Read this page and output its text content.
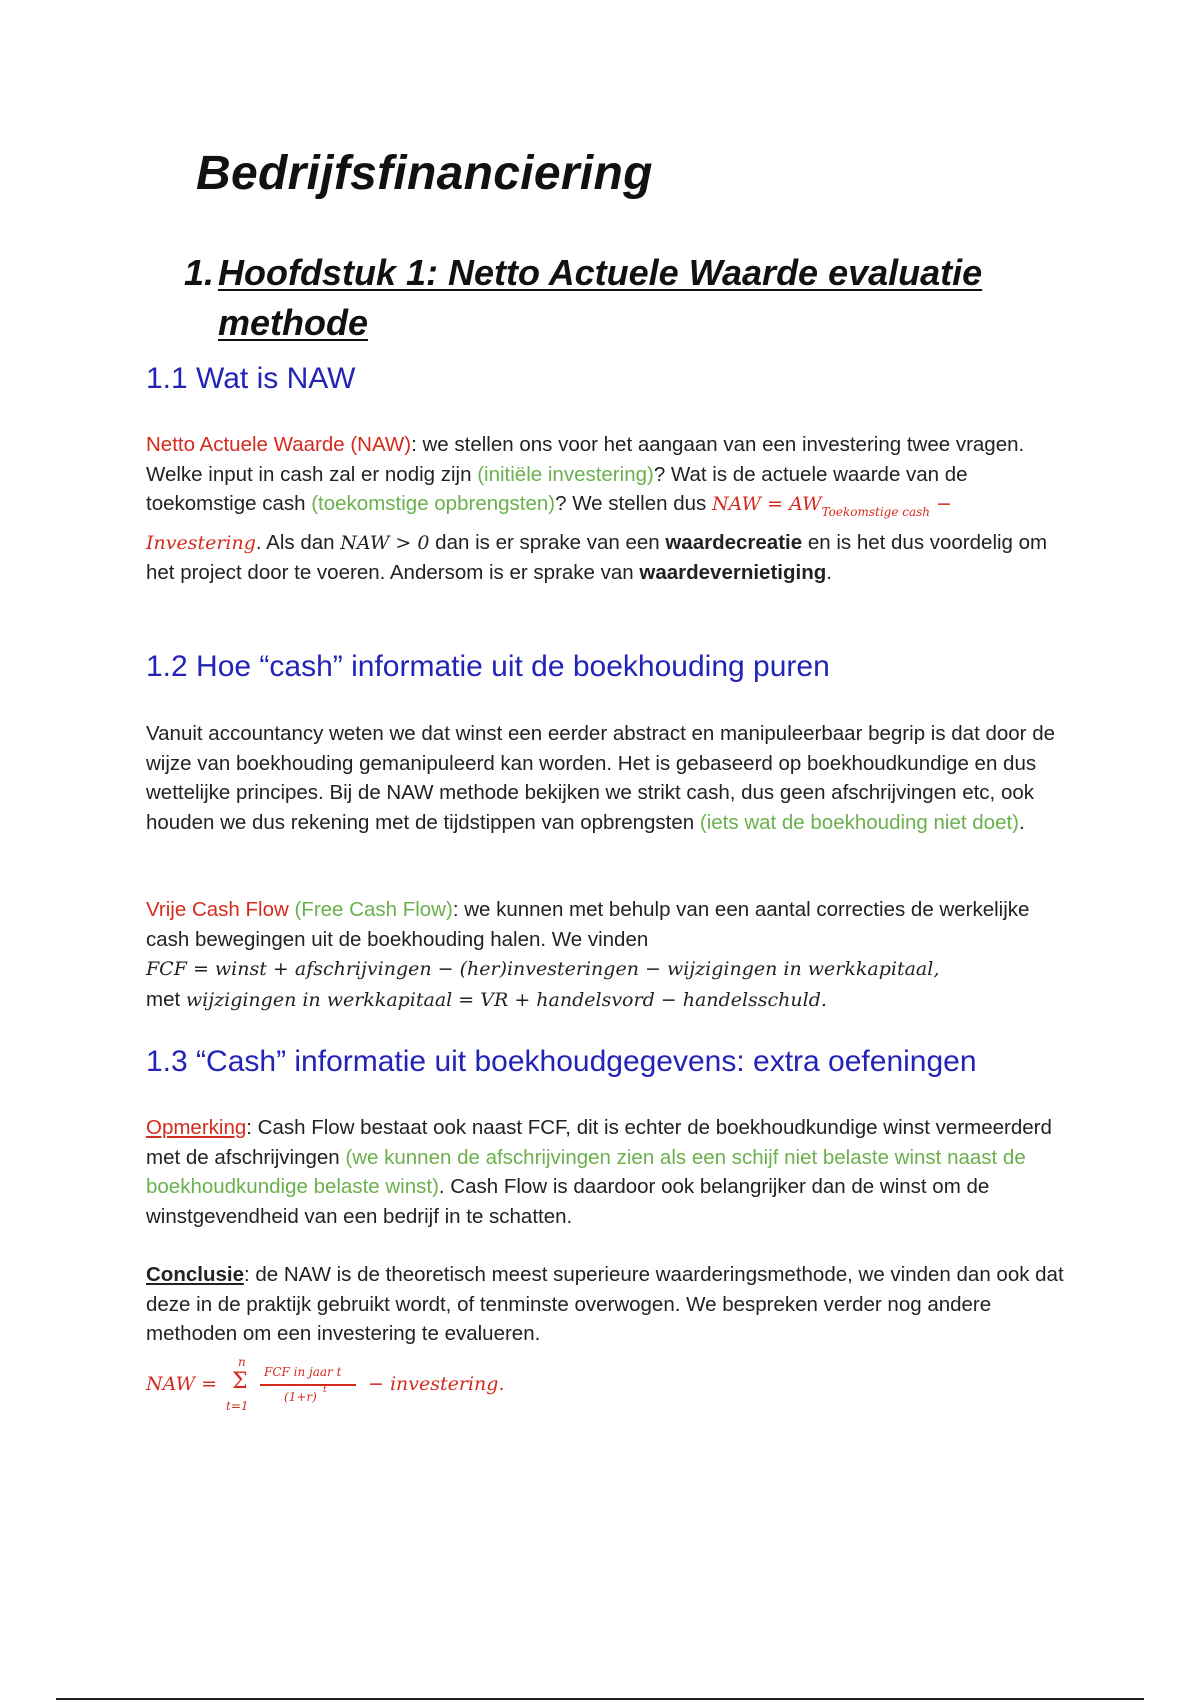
Bedrijfsfinanciering
1. Hoofdstuk 1: Netto Actuele Waarde evaluatie
methode
1.1 Wat is NAW

Netto Actuele Waarde (NAW): we stellen ons voor het aangaan van een investering twee vragen. Welke input in cash zal er nodig zijn (initiële investering)? Wat is de actuele waarde van de toekomstige cash (toekomstige opbrengsten)? We stellen dus NAW = $AW_{Toekomstige cash}$ − Investering. Als dan NAW > 0 dan is er sprake van een waardecreatie en is het dus voordelig om het project door te voeren. Andersom is er sprake van waardevernietiging.

1.2 Hoe “cash” informatie uit de boekhouding puren

Vanuit accountancy weten we dat winst een eerder abstract en manipuleerbaar begrip is dat door de wijze van boekhouding gemanipuleerd kan worden. Het is gebaseerd op boekhoudkundige en dus wettelijke principes. Bij de NAW methode bekijken we strikt cash, dus geen afschrijvingen etc, ook houden we dus rekening met de tijdstippen van opbrengsten (iets wat de boekhouding niet doet).

Vrije Cash Flow (Free Cash Flow): we kunnen met behulp van een aantal correcties de werkelijke cash bewegingen uit de boekhouding halen. We vinden
FCF = winst + afschrijvingen − (her)investeringen − wijzigingen in werkkapitaal,
met wijzigingen in werkkapitaal = VR + handelsvord − handelsschuld.

1.3 “Cash” informatie uit boekhoudgegevens: extra oefeningen

Opmerking: Cash Flow bestaat ook naast FCF, dit is echter de boekhoudkundige winst vermeerderd met de afschrijvingen (we kunnen de afschrijvingen zien als een schijf niet belaste winst naast de boekhoudkundige belaste winst). Cash Flow is daardoor ook belangrijker dan de winst om de winstgevendheid van een bedrijf in te schatten.

Conclusie: de NAW is de theoretisch meest superieure waarderingsmethode, we vinden dan ook dat deze in de praktijk gebruikt wordt, of tenminste overwogen. We bespreken verder nog andere methoden om een investering te evalueren.

NAW =
n
Σ
t=1
FCF in jaar t
(1+r) t − investering.
